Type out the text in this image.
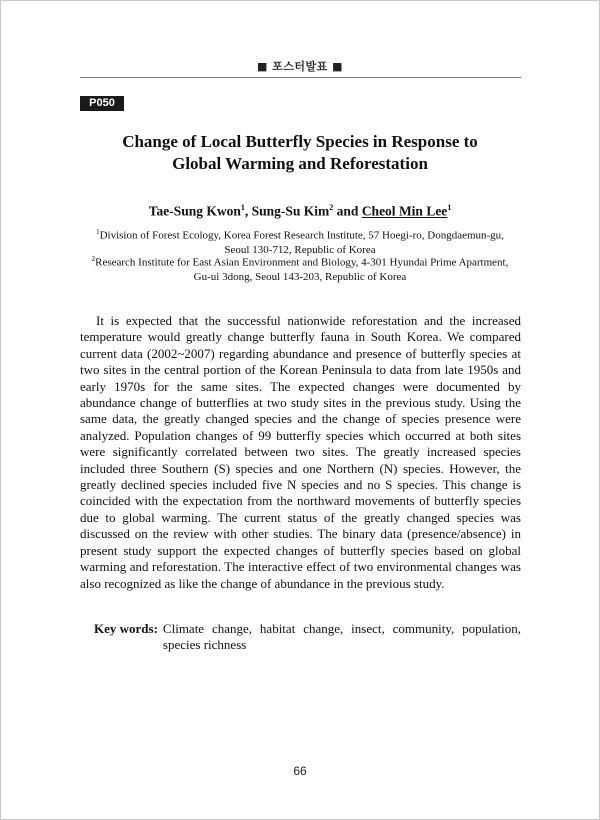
■ 포스터발표 ■
P050
Change of Local Butterfly Species in Response to
Global Warming and Reforestation
Tae-Sung Kwon$^1$, Sung-Su Kim$^2$ and Cheol Min Lee$^1$
$^1$Division of Forest Ecology, Korea Forest Research Institute, 57 Hoegi-ro, Dongdaemun-gu,
Seoul 130-712, Republic of Korea
$^2$Research Institute for East Asian Environment and Biology, 4-301 Hyundai Prime Apartment,
Gu-ui 3dong, Seoul 143-203, Republic of Korea

It is expected that the successful nationwide reforestation and the increased temperature would greatly change butterfly fauna in South Korea. We compared current data (2002~2007) regarding abundance and presence of butterfly species at two sites in the central portion of the Korean Peninsula to data from late 1950s and early 1970s for the same sites. The expected changes were documented by abundance change of butterflies at two study sites in the previous study. Using the same data, the greatly changed species and the change of species presence were analyzed. Population changes of 99 butterfly species which occurred at both sites were significantly correlated between two sites. The greatly increased species included three Southern (S) species and one Northern (N) species. However, the greatly declined species included five N species and no S species. This change is coincided with the expectation from the northward movements of butterfly species due to global warming. The current status of the greatly changed species was discussed on the review with other studies. The binary data (presence/absence) in present study support the expected changes of butterfly species based on global warming and reforestation. The interactive effect of two environmental changes was also recognized as like the change of abundance in the previous study.

Key words: Climate change, habitat change, insect, community, population, species richness
66
